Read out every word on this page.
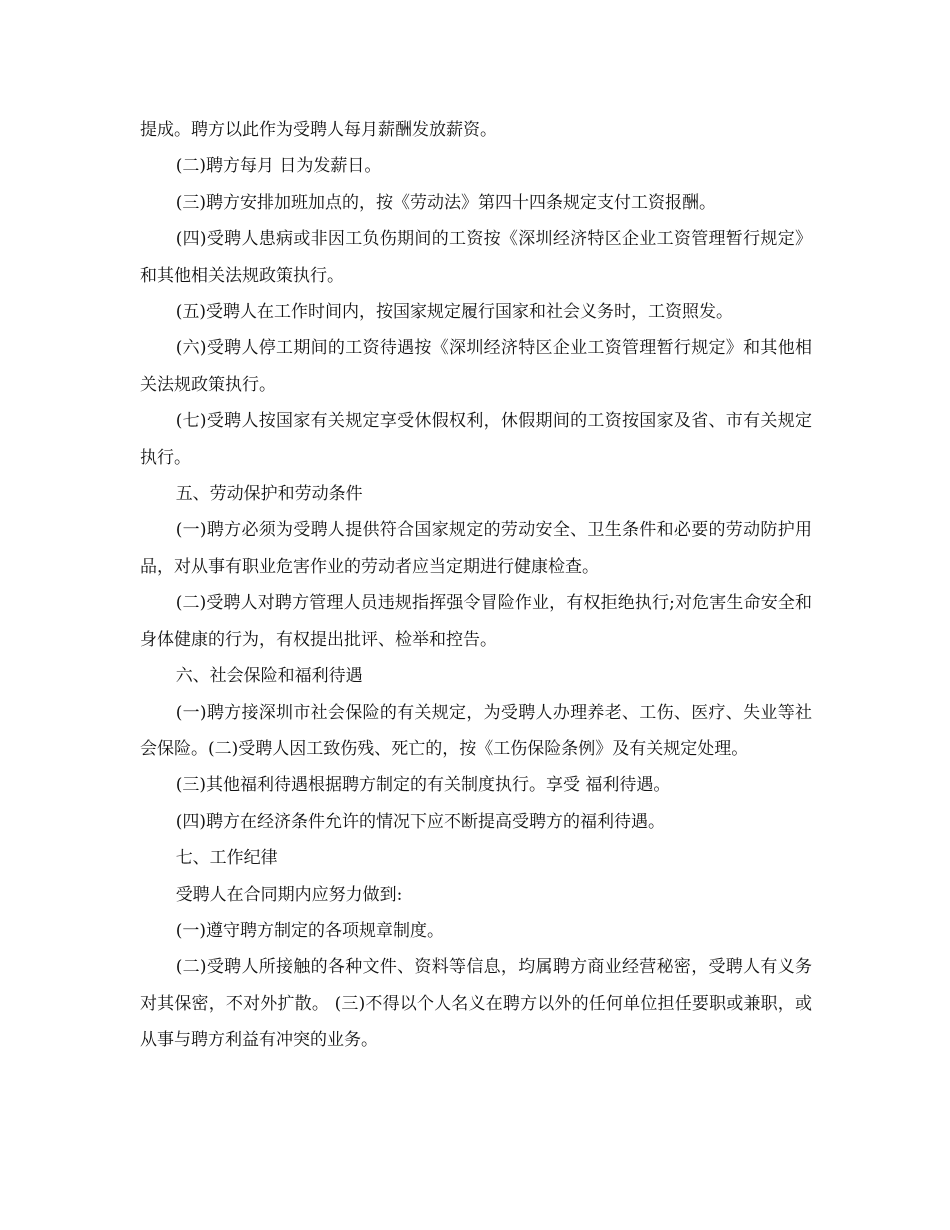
提成。聘方以此作为受聘人每月薪酬发放薪资。

(二)聘方每月 日为发薪日。

(三)聘方安排加班加点的，按《劳动法》第四十四条规定支付工资报酬。

(四)受聘人患病或非因工负伤期间的工资按《深圳经济特区企业工资管理暂行规定》和其他相关法规政策执行。

(五)受聘人在工作时间内，按国家规定履行国家和社会义务时，工资照发。

(六)受聘人停工期间的工资待遇按《深圳经济特区企业工资管理暂行规定》和其他相关法规政策执行。

(七)受聘人按国家有关规定享受休假权利，休假期间的工资按国家及省、市有关规定执行。

五、劳动保护和劳动条件

(一)聘方必须为受聘人提供符合国家规定的劳动安全、卫生条件和必要的劳动防护用品，对从事有职业危害作业的劳动者应当定期进行健康检查。

(二)受聘人对聘方管理人员违规指挥强令冒险作业，有权拒绝执行;对危害生命安全和身体健康的行为，有权提出批评、检举和控告。

六、社会保险和福利待遇

(一)聘方接深圳市社会保险的有关规定，为受聘人办理养老、工伤、医疗、失业等社会保险。(二)受聘人因工致伤残、死亡的，按《工伤保险条例》及有关规定处理。

(三)其他福利待遇根据聘方制定的有关制度执行。享受 福利待遇。

(四)聘方在经济条件允许的情况下应不断提高受聘方的福利待遇。

七、工作纪律

受聘人在合同期内应努力做到:

(一)遵守聘方制定的各项规章制度。

(二)受聘人所接触的各种文件、资料等信息，均属聘方商业经营秘密，受聘人有义务对其保密，不对外扩散。 (三)不得以个人名义在聘方以外的任何单位担任要职或兼职，或从事与聘方利益有冲突的业务。
